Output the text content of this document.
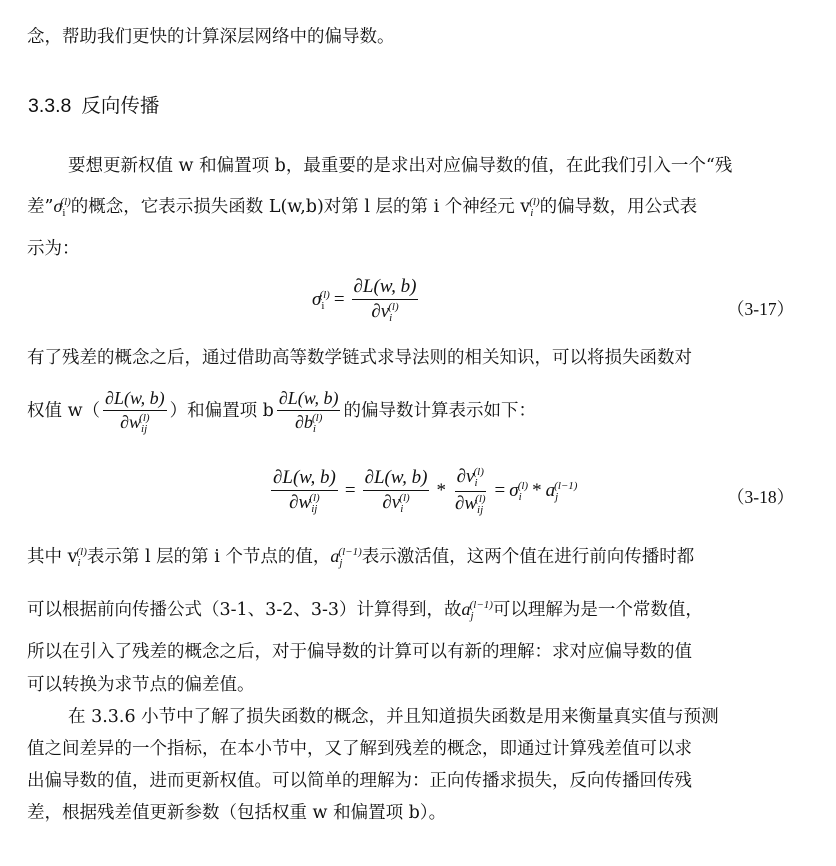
念，帮助我们更快的计算深层网络中的偏导数。
3.3.8 反向传播
要想更新权值 w 和偏置项 b，最重要的是求出对应偏导数的值，在此我们引入一个“残
差$”\sigma_i^{(l)}$的概念，它表示损失函数 L(w,b)对第 l 层的第 i 个神经元 $v_i^{(l)}$的偏导数，用公式表
示为：
$\sigma_i^{(l)} = \frac{\partial L(w, b)}{\partial v_i^{(l)}}$	（3-17）
有了残差的概念之后，通过借助高等数学链式求导法则的相关知识，可以将损失函数对
权值 $w( \frac{\partial L(w, b)}{\partial w_{ij}^{(l)}}$ ）和偏置项 b $\frac{\partial L(w, b)}{\partial b_i^{(l)}}$ 的偏导数计算表示如下：
$\frac{\partial L(w, b)}{\partial w_{ij}^{(l)}} = \frac{\partial L(w, b)}{\partial v_i^{(l)}} * \frac{\partial v_i^{(l)}}{\partial w_{ij}^{(l)}} = \sigma_i^{(l)} * a_j^{(l-1)}$
（3-18）
其中 $v_i^{(l)}$表示第 l 层的第 i 个节点的值，$a_j^{(l-1)}$表示激活值，这两个值在进行前向传播时都
可以根据前向传播公式（3-1、3-2、3-3）计算得到，故$a_j^{(l-1)}$可以理解为是一个常数值，
所以在引入了残差的概念之后，对于偏导数的计算可以有新的理解：求对应偏导数的值
可以转换为求节点的偏差值。
在 3.3.6 小节中了解了损失函数的概念，并且知道损失函数是用来衡量真实值与预测
值之间差异的一个指标，在本小节中，又了解到残差的概念，即通过计算残差值可以求
出偏导数的值，进而更新权值。可以简单的理解为：正向传播求损失，反向传播回传残
差，根据残差值更新参数（包括权重 w 和偏置项 b）。
